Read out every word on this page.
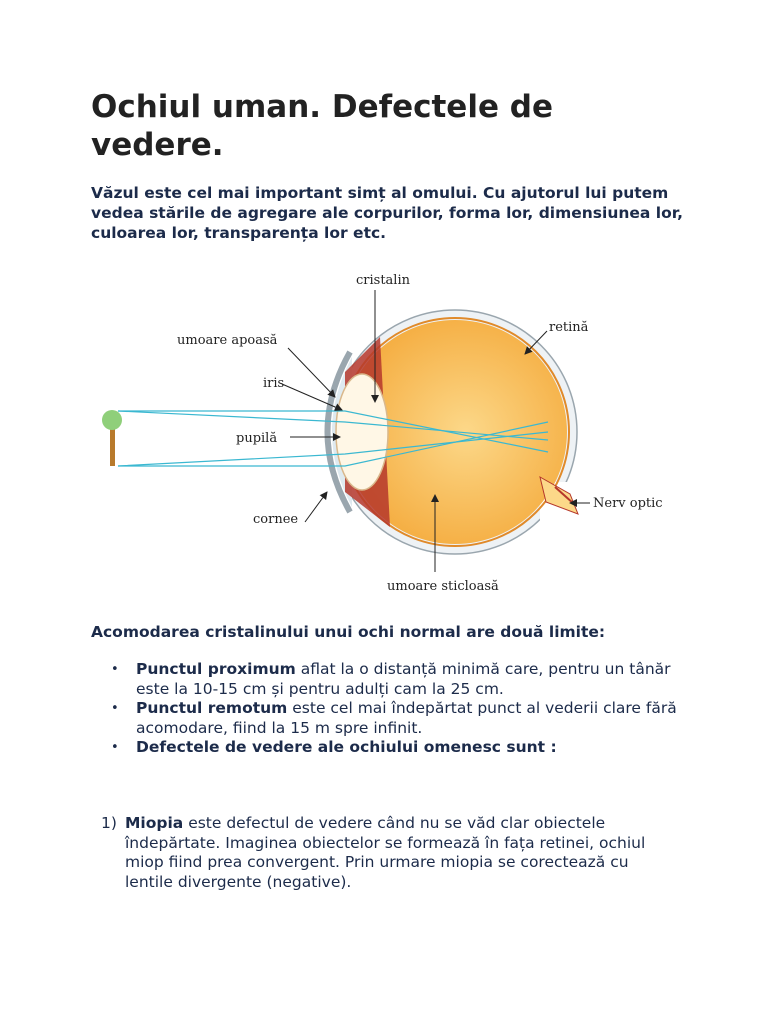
Ochiul uman. Defectele de vedere.

Văzul este cel mai important simț al omului. Cu ajutorul lui putem vedea stările de agregare ale corpurilor, forma lor, dimensiunea lor, culoarea lor, transparența lor etc.

Acomodarea cristalinului unui ochi normal are două limite:

• Punctul proximum aflat la o distanță minimă care, pentru un tânăr este la 10-15 cm și pentru adulți cam la 25 cm.
• Punctul remotum este cel mai îndepărtat punct al vederii clare fără acomodare, fiind la 15 m spre infinit.
• Defectele de vedere ale ochiului omenesc sunt :
1) Miopia este defectul de vedere când nu se văd clar obiectele îndepărtate. Imaginea obiectelor se formează în fața retinei, ochiul miop fiind prea convergent. Prin urmare miopia se corectează cu lentile divergente (negative).
cristalin
umoare apoasă
retină
iris
pupilă
cornee
Nerv optic
umoare sticloasă
